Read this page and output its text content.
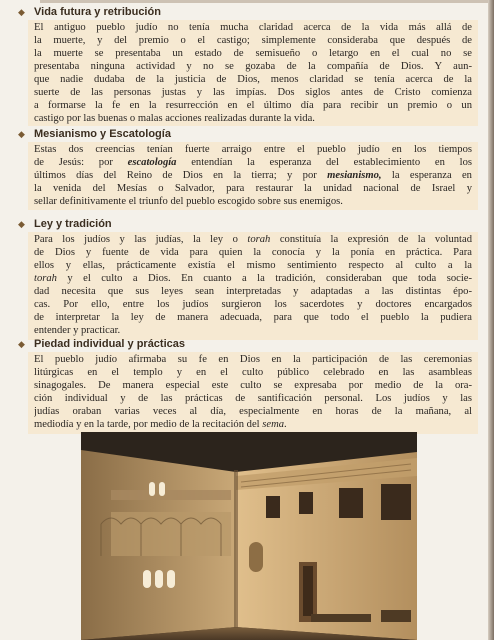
◆ Vida futura y retribución
El antiguo pueblo judío no tenía mucha claridad acerca de la vida más allá de
la muerte, y del premio o el castigo; simplemente consideraba que después de
la muerte se presentaba un estado de semisueño o letargo en el cual no se
presentaba ninguna actividad y no se gozaba de la compañía de Dios. Y aun-
que nadie dudaba de la justicia de Dios, menos claridad se tenía acerca de la
suerte de las personas justas y las impías. Dos siglos antes de Cristo comienza
a formarse la fe en la resurrección en el último día para recibir un premio o un
castigo por las buenas o malas acciones realizadas durante la vida.
◆ Mesianismo y Escatología
Estas dos creencias tenían fuerte arraigo entre el pueblo judío en los tiempos
de Jesús: por escatología entendían la esperanza del establecimiento en los
últimos días del Reino de Dios en la tierra; y por mesianismo, la esperanza en
la venida del Mesías o Salvador, para restaurar la unidad nacional de Israel y
sellar definitivamente el triunfo del pueblo escogido sobre sus enemigos.
◆ Ley y tradición
Para los judíos y las judías, la ley o torah constituía la expresión de la voluntad
de Dios y fuente de vida para quien la conocía y la ponía en práctica. Para
ellos y ellas, prácticamente existía el mismo sentimiento respecto al culto a la
torah y el culto a Dios. En cuanto a la tradición, consideraban que toda socie-
dad necesita que sus leyes sean interpretadas y adaptadas a las distintas épo-
cas. Por ello, entre los judíos surgieron los sacerdotes y doctores encargados
de interpretar la ley de manera adecuada, para que todo el pueblo la pudiera
entender y practicar.
◆ Piedad individual y prácticas
El pueblo judío afirmaba su fe en Dios en la participación de las ceremonias
litúrgicas en el templo y en el culto público celebrado en las asambleas
sinagogales. De manera especial este culto se expresaba por medio de la ora-
ción individual y de las prácticas de santificación personal. Los judíos y las
judías oraban varias veces al día, especialmente en horas de la mañana, al
mediodía y en la tarde, por medio de la recitación del sema.
